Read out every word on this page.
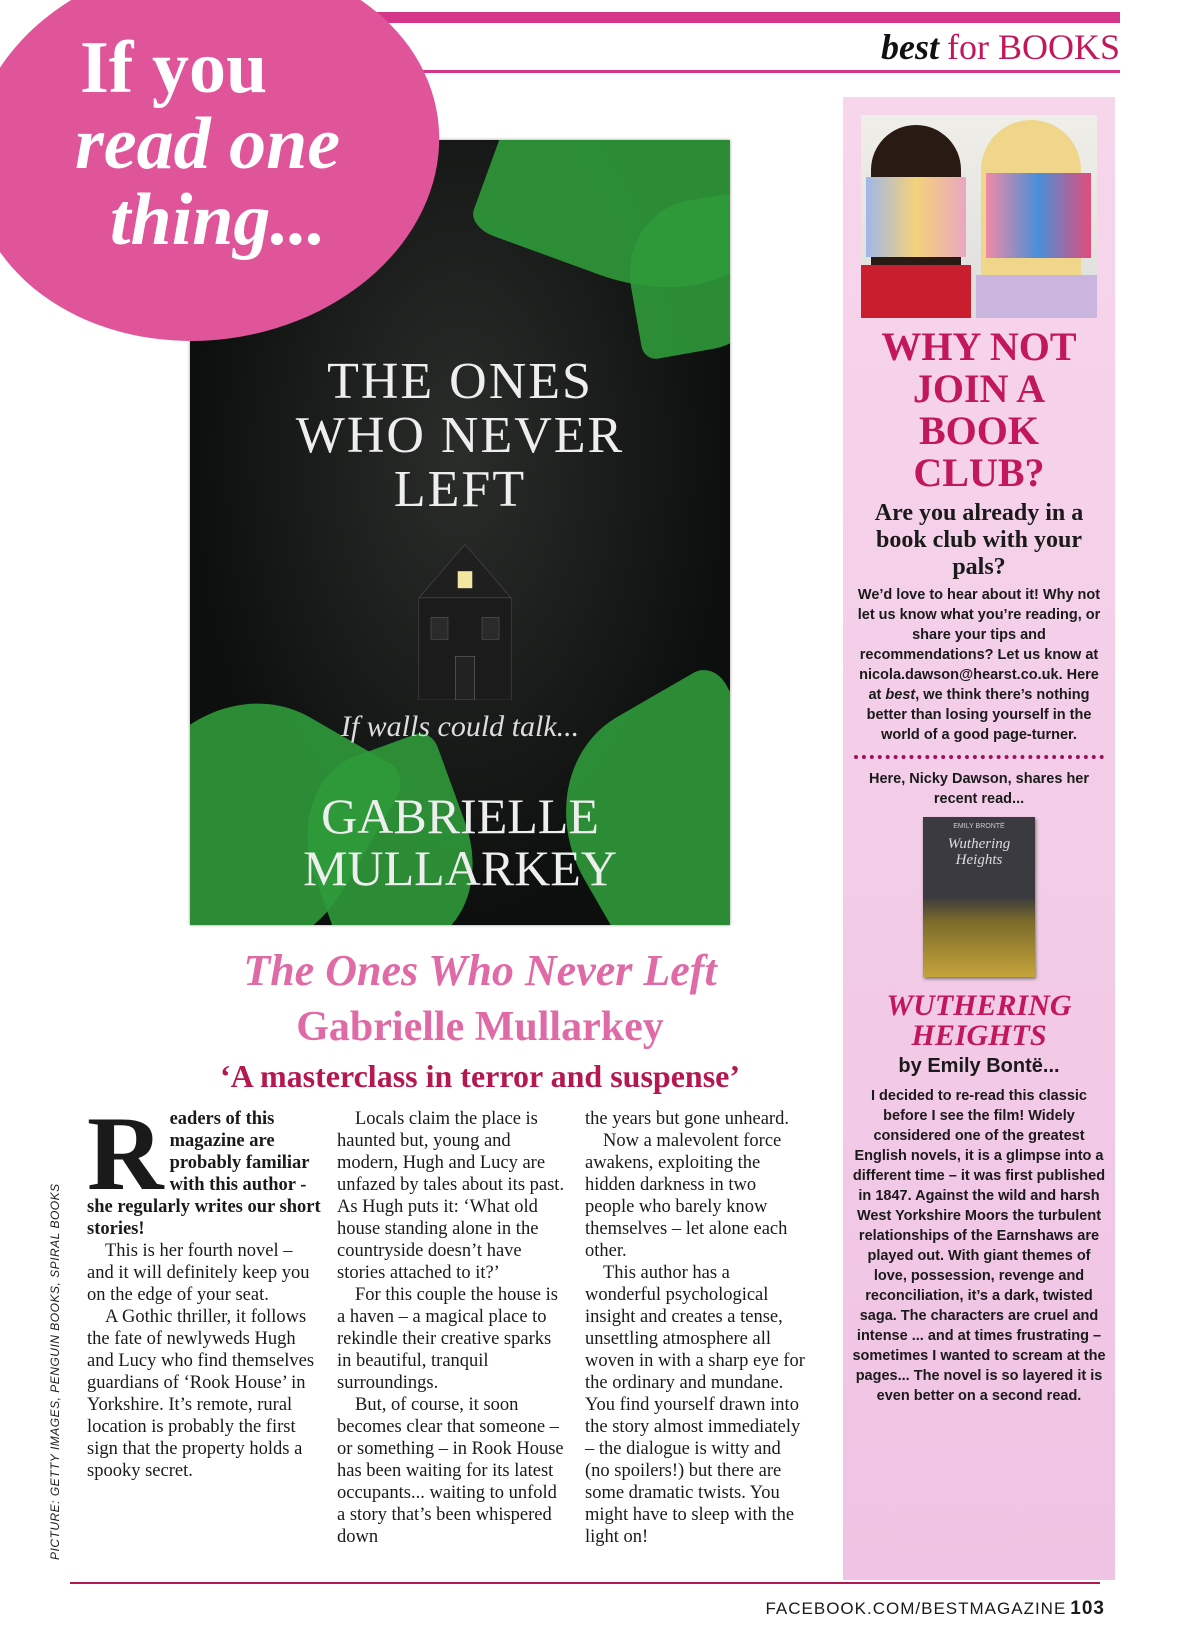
best for BOOKS
THE ONES
WHO NEVER
LEFT
If walls could talk...
GABRIELLE
MULLARKEY
If you
read one
thing...
The Ones Who Never Left
Gabrielle Mullarkey
‘A masterclass in terror and suspense’

Readers of this magazine are probably familiar with this author - she regularly writes our short stories!

This is her fourth novel – and it will definitely keep you on the edge of your seat.

A Gothic thriller, it follows the fate of newlyweds Hugh and Lucy who find themselves guardians of ‘Rook House’ in Yorkshire. It’s remote, rural location is probably the first sign that the property holds a spooky secret.

Locals claim the place is haunted but, young and modern, Hugh and Lucy are unfazed by tales about its past. As Hugh puts it: ‘What old house standing alone in the countryside doesn’t have stories attached to it?’

For this couple the house is a haven – a magical place to rekindle their creative sparks in beautiful, tranquil surroundings.

But, of course, it soon becomes clear that someone – or something – in Rook House has been waiting for its latest occupants... waiting to unfold a story that’s been whispered down

the years but gone unheard.

Now a malevolent force awakens, exploiting the hidden darkness in two people who barely know themselves – let alone each other.

This author has a wonderful psychological insight and creates a tense, unsettling atmosphere all woven in with a sharp eye for the ordinary and mundane. You find yourself drawn into the story almost immediately – the dialogue is witty and (no spoilers!) but there are some dramatic twists. You might have to sleep with the light on!

PICTURE: GETTY IMAGES, PENGUIN BOOKS, SPIRAL BOOKS
WHY NOT JOIN A BOOK CLUB?
Are you already in a book club with your pals?
We’d love to hear about it! Why not let us know what you’re reading, or share your tips and recommendations? Let us know at nicola.dawson@hearst.co.uk. Here at best, we think there’s nothing better than losing yourself in the world of a good page-turner.
Here, Nicky Dawson, shares her recent read...
EMILY BRONTË
Wuthering Heights
WUTHERING HEIGHTS
by Emily Bontë...
I decided to re-read this classic before I see the film! Widely considered one of the greatest English novels, it is a glimpse into a different time – it was first published in 1847. Against the wild and harsh West Yorkshire Moors the turbulent relationships of the Earnshaws are played out. With giant themes of love, possession, revenge and reconciliation, it’s a dark, twisted saga. The characters are cruel and intense ... and at times frustrating – sometimes I wanted to scream at the pages... The novel is so layered it is even better on a second read.
FACEBOOK.COM/BESTMAGAZINE 103
